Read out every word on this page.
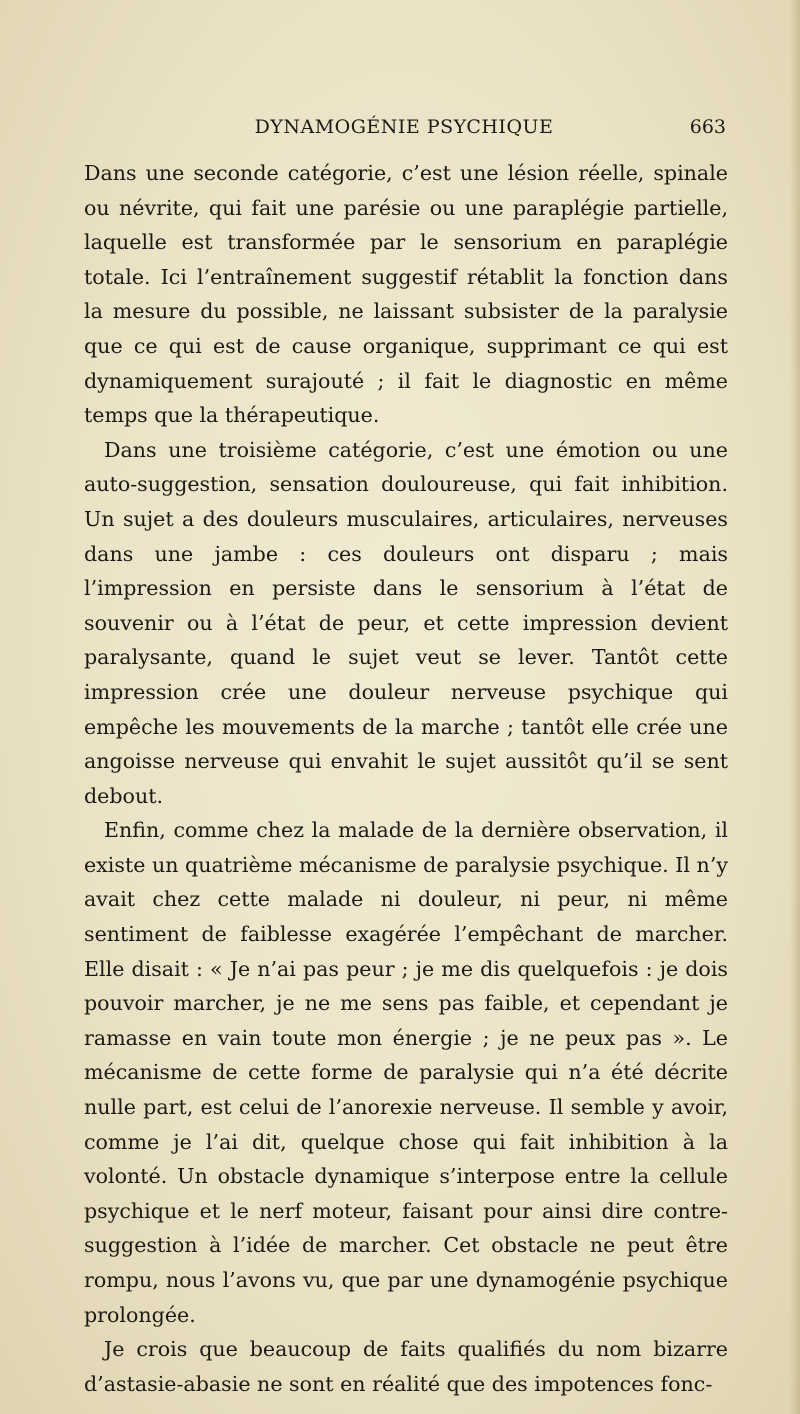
DYNAMOGÉNIE PSYCHIQUE	663

Dans une seconde catégorie, c’est une lésion réelle, spinale ou névrite, qui fait une parésie ou une paraplégie partielle, laquelle est transformée par le sensorium en paraplégie totale. Ici l’entraînement suggestif rétablit la fonction dans la mesure du possible, ne laissant subsister de la paralysie que ce qui est de cause organique, supprimant ce qui est dynamiquement surajouté ; il fait le diagnostic en même temps que la thérapeutique.

Dans une troisième catégorie, c’est une émotion ou une auto-suggestion, sensation douloureuse, qui fait inhibition. Un sujet a des douleurs musculaires, articulaires, nerveuses dans une jambe : ces douleurs ont disparu ; mais l’impression en persiste dans le sensorium à l’état de souvenir ou à l’état de peur, et cette impression devient paralysante, quand le sujet veut se lever. Tantôt cette impression crée une douleur nerveuse psychique qui empêche les mouvements de la marche ; tantôt elle crée une angoisse nerveuse qui envahit le sujet aussitôt qu’il se sent debout.

Enfin, comme chez la malade de la dernière observation, il existe un quatrième mécanisme de paralysie psychique. Il n’y avait chez cette malade ni douleur, ni peur, ni même sentiment de faiblesse exagérée l’empêchant de marcher. Elle disait : « Je n’ai pas peur ; je me dis quelquefois : je dois pouvoir marcher, je ne me sens pas faible, et cependant je ramasse en vain toute mon énergie ; je ne peux pas ». Le mécanisme de cette forme de paralysie qui n’a été décrite nulle part, est celui de l’anorexie nerveuse. Il semble y avoir, comme je l’ai dit, quelque chose qui fait inhibition à la volonté. Un obstacle dynamique s’interpose entre la cellule psychique et le nerf moteur, faisant pour ainsi dire contre-suggestion à l’idée de marcher. Cet obstacle ne peut être rompu, nous l’avons vu, que par une dynamogénie psychique prolongée.

Je crois que beaucoup de faits qualifiés du nom bizarre d’astasie-abasie ne sont en réalité que des impotences fonc-
